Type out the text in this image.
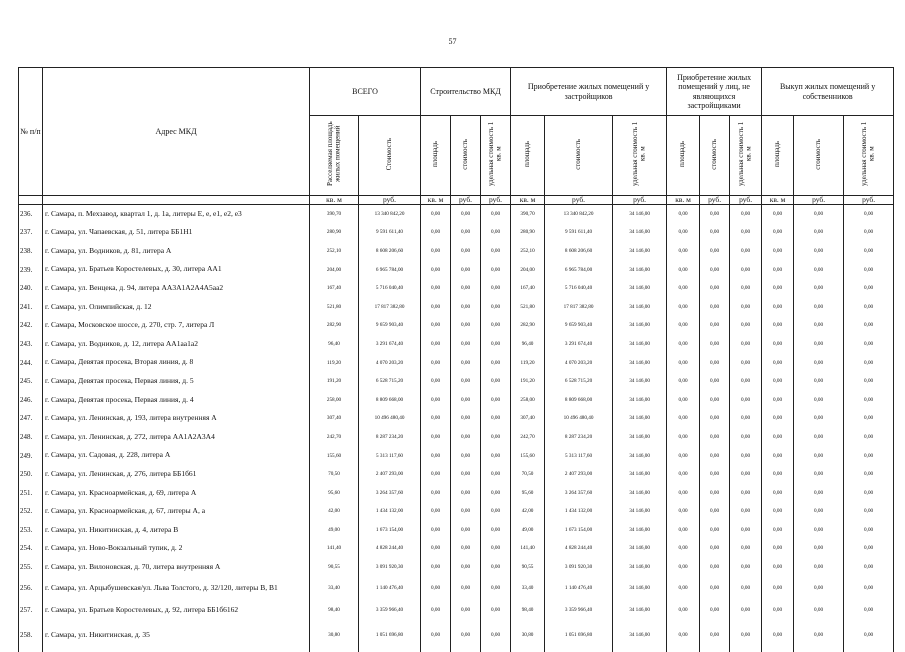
57
№ п/п	Адрес МКД	ВСЕГО		Строительство МКД			Приобретение жилых помещений у застройщиков			Приобретение жилых помещений у лиц, не являющихся застройщиками			Выкуп жилых помещений у собственников		
		Расселяемая площадь жилых помещений	Стоимость	площадь	стоимость	удельная стоимость 1 кв. м	площадь	стоимость	удельная стоимость 1 кв. м	площадь	стоимость	удельная стоимость 1 кв. м	площадь	стоимость	удельная стоимость 1 кв. м
		кв. м	руб.	кв. м	руб.	руб.	кв. м	руб.	руб.	кв. м	руб.	руб.	кв. м	руб.	руб.
236.	г. Самара, п. Мехзавод, квартал 1, д. 1а, литеры Е, е, е1, е2, е3	390,70	13 340 842,20	0,00	0,00	0,00	390,70	13 340 842,20	34 146,00	0,00	0,00	0,00	0,00	0,00	0,00
237.	г. Самара, ул. Чапаевская, д. 51, литера ББ1Н1	280,90	9 591 611,40	0,00	0,00	0,00	280,90	9 591 611,40	34 146,00	0,00	0,00	0,00	0,00	0,00	0,00
238.	г. Самара, ул. Водников, д. 81, литера А	252,10	8 608 206,60	0,00	0,00	0,00	252,10	8 608 206,60	34 146,00	0,00	0,00	0,00	0,00	0,00	0,00
239.	г. Самара, ул. Братьев Коростелевых, д. 30, литера АА1	204,00	6 965 784,00	0,00	0,00	0,00	204,00	6 965 784,00	34 146,00	0,00	0,00	0,00	0,00	0,00	0,00
240.	г. Самара, ул. Венцека, д. 94, литера АА3А1А2А4А5аа2	167,40	5 716 040,40	0,00	0,00	0,00	167,40	5 716 040,40	34 146,00	0,00	0,00	0,00	0,00	0,00	0,00
241.	г. Самара, ул. Олимпийская, д. 12	521,80	17 817 382,80	0,00	0,00	0,00	521,80	17 817 382,80	34 146,00	0,00	0,00	0,00	0,00	0,00	0,00
242.	г. Самара, Московское шоссе, д. 270, стр. 7, литера Л	282,90	9 659 903,40	0,00	0,00	0,00	282,90	9 659 903,40	34 146,00	0,00	0,00	0,00	0,00	0,00	0,00
243.	г. Самара, ул. Водников, д. 12, литера АА1аа1а2	96,40	3 291 674,40	0,00	0,00	0,00	96,40	3 291 674,40	34 146,00	0,00	0,00	0,00	0,00	0,00	0,00
244.	г. Самара, Девятая просека, Вторая линия, д. 8	119,20	4 070 203,20	0,00	0,00	0,00	119,20	4 070 203,20	34 146,00	0,00	0,00	0,00	0,00	0,00	0,00
245.	г. Самара, Девятая просека, Первая линия, д. 5	191,20	6 528 715,20	0,00	0,00	0,00	191,20	6 528 715,20	34 146,00	0,00	0,00	0,00	0,00	0,00	0,00
246.	г. Самара, Девятая просека, Первая линия, д. 4	258,00	8 809 668,00	0,00	0,00	0,00	258,00	8 809 668,00	34 146,00	0,00	0,00	0,00	0,00	0,00	0,00
247.	г. Самара, ул. Ленинская, д. 193, литера внутренняя А	307,40	10 496 480,40	0,00	0,00	0,00	307,40	10 496 480,40	34 146,00	0,00	0,00	0,00	0,00	0,00	0,00
248.	г. Самара, ул. Ленинская, д. 272, литера АА1А2А3А4	242,70	8 287 234,20	0,00	0,00	0,00	242,70	8 287 234,20	34 146,00	0,00	0,00	0,00	0,00	0,00	0,00
249.	г. Самара, ул. Садовая, д. 228, литера А	155,60	5 313 117,60	0,00	0,00	0,00	155,60	5 313 117,60	34 146,00	0,00	0,00	0,00	0,00	0,00	0,00
250.	г. Самара, ул. Ленинская, д. 276, литера ББ1б61	70,50	2 407 293,00	0,00	0,00	0,00	70,50	2 407 293,00	34 146,00	0,00	0,00	0,00	0,00	0,00	0,00
251.	г. Самара, ул. Красноармейская, д. 69, литера А	95,60	3 264 357,60	0,00	0,00	0,00	95,60	3 264 357,60	34 146,00	0,00	0,00	0,00	0,00	0,00	0,00
252.	г. Самара, ул. Красноармейская, д. 67, литеры А, а	42,00	1 434 132,00	0,00	0,00	0,00	42,00	1 434 132,00	34 146,00	0,00	0,00	0,00	0,00	0,00	0,00
253.	г. Самара, ул. Никитинская, д. 4, литера В	49,00	1 673 154,00	0,00	0,00	0,00	49,00	1 673 154,00	34 146,00	0,00	0,00	0,00	0,00	0,00	0,00
254.	г. Самара, ул. Ново-Вокзальный тупик, д. 2	141,40	4 828 244,40	0,00	0,00	0,00	141,40	4 828 244,40	34 146,00	0,00	0,00	0,00	0,00	0,00	0,00
255.	г. Самара, ул. Вилоновская, д. 70, литера внутренняя А	90,55	3 091 920,30	0,00	0,00	0,00	90,55	3 091 920,30	34 146,00	0,00	0,00	0,00	0,00	0,00	0,00
256.	г. Самара, ул. Арцыбушевская/ул. Льва Толстого, д. 32/120, литеры В, В1	33,40	1 140 476,40	0,00	0,00	0,00	33,40	1 140 476,40	34 146,00	0,00	0,00	0,00	0,00	0,00	0,00
257.	г. Самара, ул. Братьев Коростелевых, д. 92, литера ББ1б6162	98,40	3 359 966,40	0,00	0,00	0,00	98,40	3 359 966,40	34 146,00	0,00	0,00	0,00	0,00	0,00	0,00
258.	г. Самара, ул. Никитинская, д. 35	30,80	1 051 696,80	0,00	0,00	0,00	30,80	1 051 696,80	34 146,00	0,00	0,00	0,00	0,00	0,00	0,00
